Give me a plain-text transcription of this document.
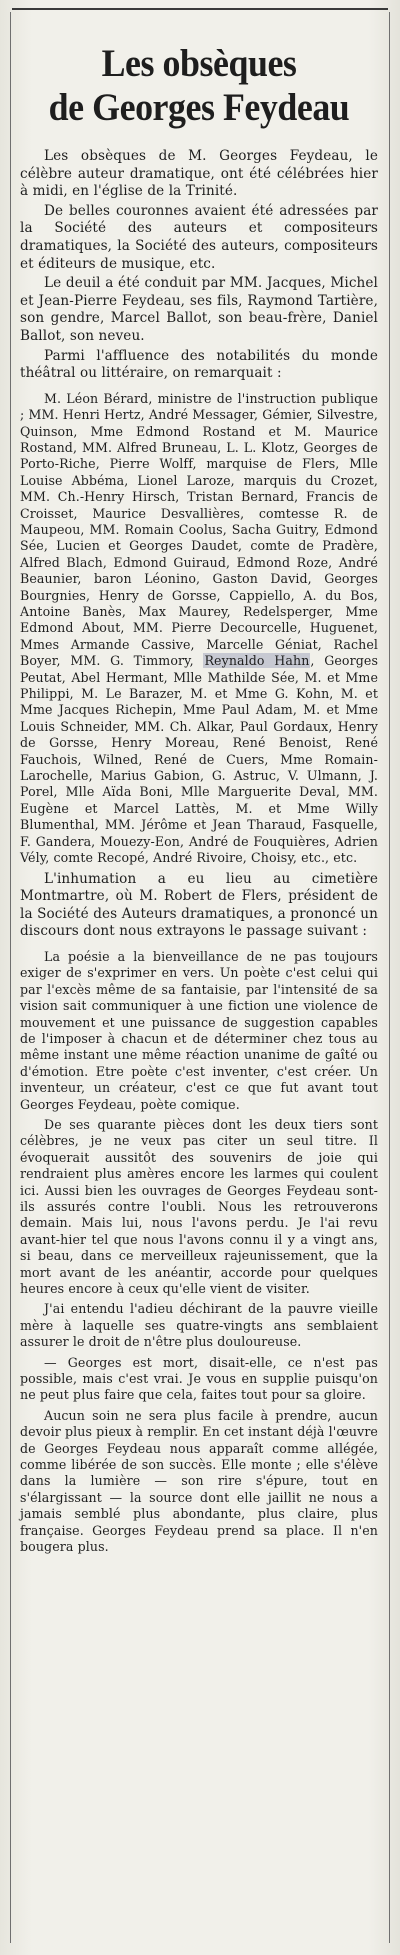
Les obsèques
de Georges Feydeau

Les obsèques de M. Georges Feydeau, le célèbre auteur dramatique, ont été célébrées hier à midi, en l'église de la Trinité.

De belles couronnes avaient été adressées par la Société des auteurs et compositeurs dramatiques, la Société des auteurs, compositeurs et éditeurs de musique, etc.

Le deuil a été conduit par MM. Jacques, Michel et Jean-Pierre Feydeau, ses fils, Raymond Tartière, son gendre, Marcel Ballot, son beau-frère, Daniel Ballot, son neveu.

Parmi l'affluence des notabilités du monde théâtral ou littéraire, on remarquait :

M. Léon Bérard, ministre de l'instruction publique ; MM. Henri Hertz, André Messager, Gémier, Silvestre, Quinson, Mme Edmond Rostand et M. Maurice Rostand, MM. Alfred Bruneau, L. L. Klotz, Georges de Porto-Riche, Pierre Wolff, marquise de Flers, Mlle Louise Abbéma, Lionel Laroze, marquis du Crozet, MM. Ch.-Henry Hirsch, Tristan Bernard, Francis de Croisset, Maurice Desvallières, comtesse R. de Maupeou, MM. Romain Coolus, Sacha Guitry, Edmond Sée, Lucien et Georges Daudet, comte de Pradère, Alfred Blach, Edmond Guiraud, Edmond Roze, André Beaunier, baron Léonino, Gaston David, Georges Bourgnies, Henry de Gorsse, Cappiello, A. du Bos, Antoine Banès, Max Maurey, Redelsperger, Mme Edmond About, MM. Pierre Decourcelle, Huguenet, Mmes Armande Cassive, Marcelle Géniat, Rachel Boyer, MM. G. Timmory, Reynaldo Hahn, Georges Peutat, Abel Hermant, Mlle Mathilde Sée, M. et Mme Philippi, M. Le Barazer, M. et Mme G. Kohn, M. et Mme Jacques Richepin, Mme Paul Adam, M. et Mme Louis Schneider, MM. Ch. Alkar, Paul Gordaux, Henry de Gorsse, Henry Moreau, René Benoist, René Fauchois, Wilned, René de Cuers, Mme Romain-Larochelle, Marius Gabion, G. Astruc, V. Ulmann, J. Porel, Mlle Aïda Boni, Mlle Marguerite Deval, MM. Eugène et Marcel Lattès, M. et Mme Willy Blumenthal, MM. Jérôme et Jean Tharaud, Fasquelle, F. Gandera, Mouezy-Eon, André de Fouquières, Adrien Vély, comte Recopé, André Rivoire, Choisy, etc., etc.

L'inhumation a eu lieu au cimetière Montmartre, où M. Robert de Flers, président de la Société des Auteurs dramatiques, a prononcé un discours dont nous extrayons le passage suivant :

La poésie a la bienveillance de ne pas toujours exiger de s'exprimer en vers. Un poète c'est celui qui par l'excès même de sa fantaisie, par l'intensité de sa vision sait communiquer à une fiction une violence de mouvement et une puissance de suggestion capables de l'imposer à chacun et de déterminer chez tous au même instant une même réaction unanime de gaîté ou d'émotion. Etre poète c'est inventer, c'est créer. Un inventeur, un créateur, c'est ce que fut avant tout Georges Feydeau, poète comique.

De ses quarante pièces dont les deux tiers sont célèbres, je ne veux pas citer un seul titre. Il évoquerait aussitôt des souvenirs de joie qui rendraient plus amères encore les larmes qui coulent ici. Aussi bien les ouvrages de Georges Feydeau sont-ils assurés contre l'oubli. Nous les retrouverons demain. Mais lui, nous l'avons perdu. Je l'ai revu avant-hier tel que nous l'avons connu il y a vingt ans, si beau, dans ce merveilleux rajeunissement, que la mort avant de les anéantir, accorde pour quelques heures encore à ceux qu'elle vient de visiter.

J'ai entendu l'adieu déchirant de la pauvre vieille mère à laquelle ses quatre-vingts ans semblaient assurer le droit de n'être plus douloureuse.

— Georges est mort, disait-elle, ce n'est pas possible, mais c'est vrai. Je vous en supplie puisqu'on ne peut plus faire que cela, faites tout pour sa gloire.

Aucun soin ne sera plus facile à prendre, aucun devoir plus pieux à remplir. En cet instant déjà l'œuvre de Georges Feydeau nous apparaît comme allégée, comme libérée de son succès. Elle monte ; elle s'élève dans la lumière — son rire s'épure, tout en s'élargissant — la source dont elle jaillit ne nous a jamais semblé plus abondante, plus claire, plus française. Georges Feydeau prend sa place. Il n'en bougera plus.
